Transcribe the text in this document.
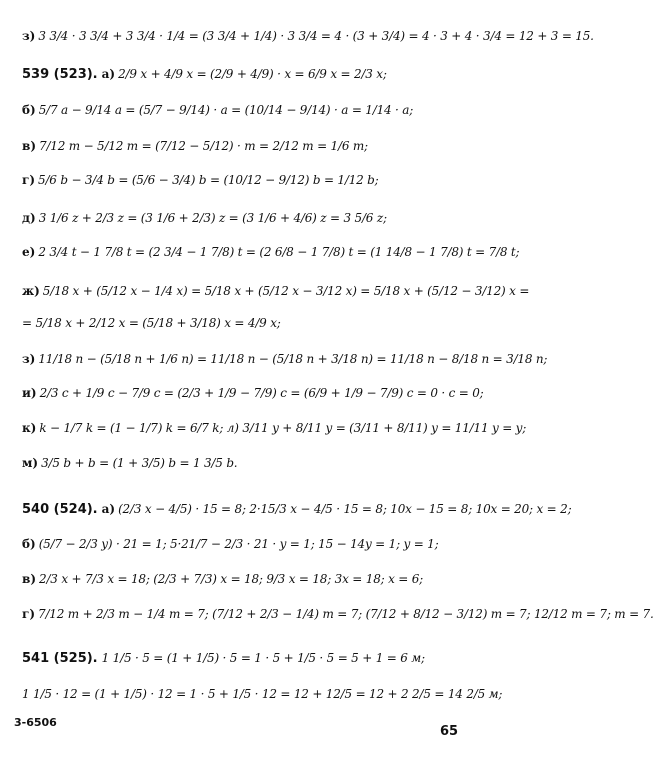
з) 3 3/4 · 3 3/4 + 3 3/4 · 1/4 = (3 3/4 + 1/4) · 3 3/4 = 4 · (3 + 3/4) = 4 · 3 + 4 · 3/4 = 12 + 3 = 15.
539 (523). а) 2/9 x + 4/9 x = (2/9 + 4/9) · x = 6/9 x = 2/3 x;
б) 5/7 a − 9/14 a = (5/7 − 9/14) · a = (10/14 − 9/14) · a = 1/14 · a;
в) 7/12 m − 5/12 m = (7/12 − 5/12) · m = 2/12 m = 1/6 m;
г) 5/6 b − 3/4 b = (5/6 − 3/4) b = (10/12 − 9/12) b = 1/12 b;
д) 3 1/6 z + 2/3 z = (3 1/6 + 2/3) z = (3 1/6 + 4/6) z = 3 5/6 z;
е) 2 3/4 t − 1 7/8 t = (2 3/4 − 1 7/8) t = (2 6/8 − 1 7/8) t = (1 14/8 − 1 7/8) t = 7/8 t;
ж) 5/18 x + (5/12 x − 1/4 x) = 5/18 x + (5/12 x − 3/12 x) = 5/18 x + (5/12 − 3/12) x =
= 5/18 x + 2/12 x = (5/18 + 3/18) x = 4/9 x;
з) 11/18 n − (5/18 n + 1/6 n) = 11/18 n − (5/18 n + 3/18 n) = 11/18 n − 8/18 n = 3/18 n;
и) 2/3 c + 1/9 c − 7/9 c = (2/3 + 1/9 − 7/9) c = (6/9 + 1/9 − 7/9) c = 0 · c = 0;
к) k − 1/7 k = (1 − 1/7) k = 6/7 k; л) 3/11 y + 8/11 y = (3/11 + 8/11) y = 11/11 y = y;
м) 3/5 b + b = (1 + 3/5) b = 1 3/5 b.
540 (524). а) (2/3 x − 4/5) · 15 = 8; 2·15/3 x − 4/5 · 15 = 8; 10x − 15 = 8; 10x = 20; x = 2;
б) (5/7 − 2/3 y) · 21 = 1; 5·21/7 − 2/3 · 21 · y = 1; 15 − 14y = 1; y = 1;
в) 2/3 x + 7/3 x = 18; (2/3 + 7/3) x = 18; 9/3 x = 18; 3x = 18; x = 6;
г) 7/12 m + 2/3 m − 1/4 m = 7; (7/12 + 2/3 − 1/4) m = 7; (7/12 + 8/12 − 3/12) m = 7; 12/12 m = 7; m = 7.
541 (525). 1 1/5 · 5 = (1 + 1/5) · 5 = 1 · 5 + 1/5 · 5 = 5 + 1 = 6 м;
1 1/5 · 12 = (1 + 1/5) · 12 = 1 · 5 + 1/5 · 12 = 12 + 12/5 = 12 + 2 2/5 = 14 2/5 м;
3-6506
65
